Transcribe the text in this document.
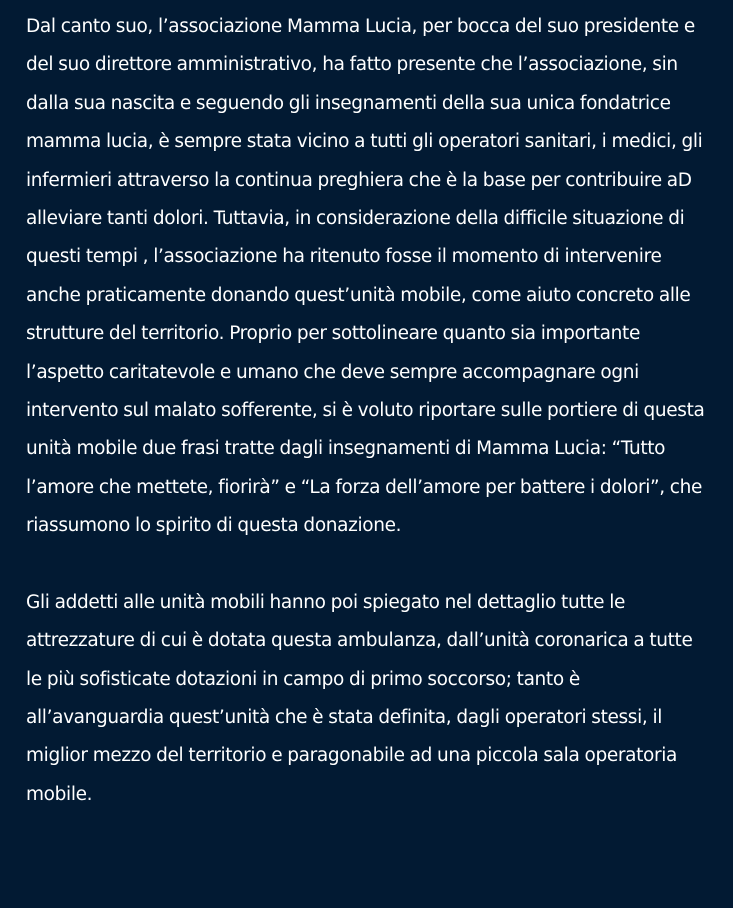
Dal canto suo, l’associazione Mamma Lucia, per bocca del suo presidente e del suo direttore amministrativo, ha fatto presente che l’associazione, sin dalla sua nascita e seguendo gli insegnamenti della sua unica fondatrice mamma lucia, è sempre stata vicino a tutti gli operatori sanitari, i medici, gli infermieri attraverso la continua preghiera che è la base per contribuire aD alleviare tanti dolori. Tuttavia, in considerazione della difficile situazione di questi tempi , l’associazione ha ritenuto fosse il momento di intervenire anche praticamente donando quest’unità mobile, come aiuto concreto alle strutture del territorio. Proprio per sottolineare quanto sia importante l’aspetto caritatevole e umano che deve sempre accompagnare ogni intervento sul malato sofferente, si è voluto riportare sulle portiere di questa unità mobile due frasi tratte dagli insegnamenti di Mamma Lucia: “Tutto l’amore che mettete, fiorirà” e “La forza dell’amore per battere i dolori”, che riassumono lo spirito di questa donazione.

Gli addetti alle unità mobili hanno poi spiegato nel dettaglio tutte le attrezzature di cui è dotata questa ambulanza, dall’unità coronarica a tutte le più sofisticate dotazioni in campo di primo soccorso; tanto è all’avanguardia quest’unità che è stata definita, dagli operatori stessi, il miglior mezzo del territorio e paragonabile ad una piccola sala operatoria mobile.
